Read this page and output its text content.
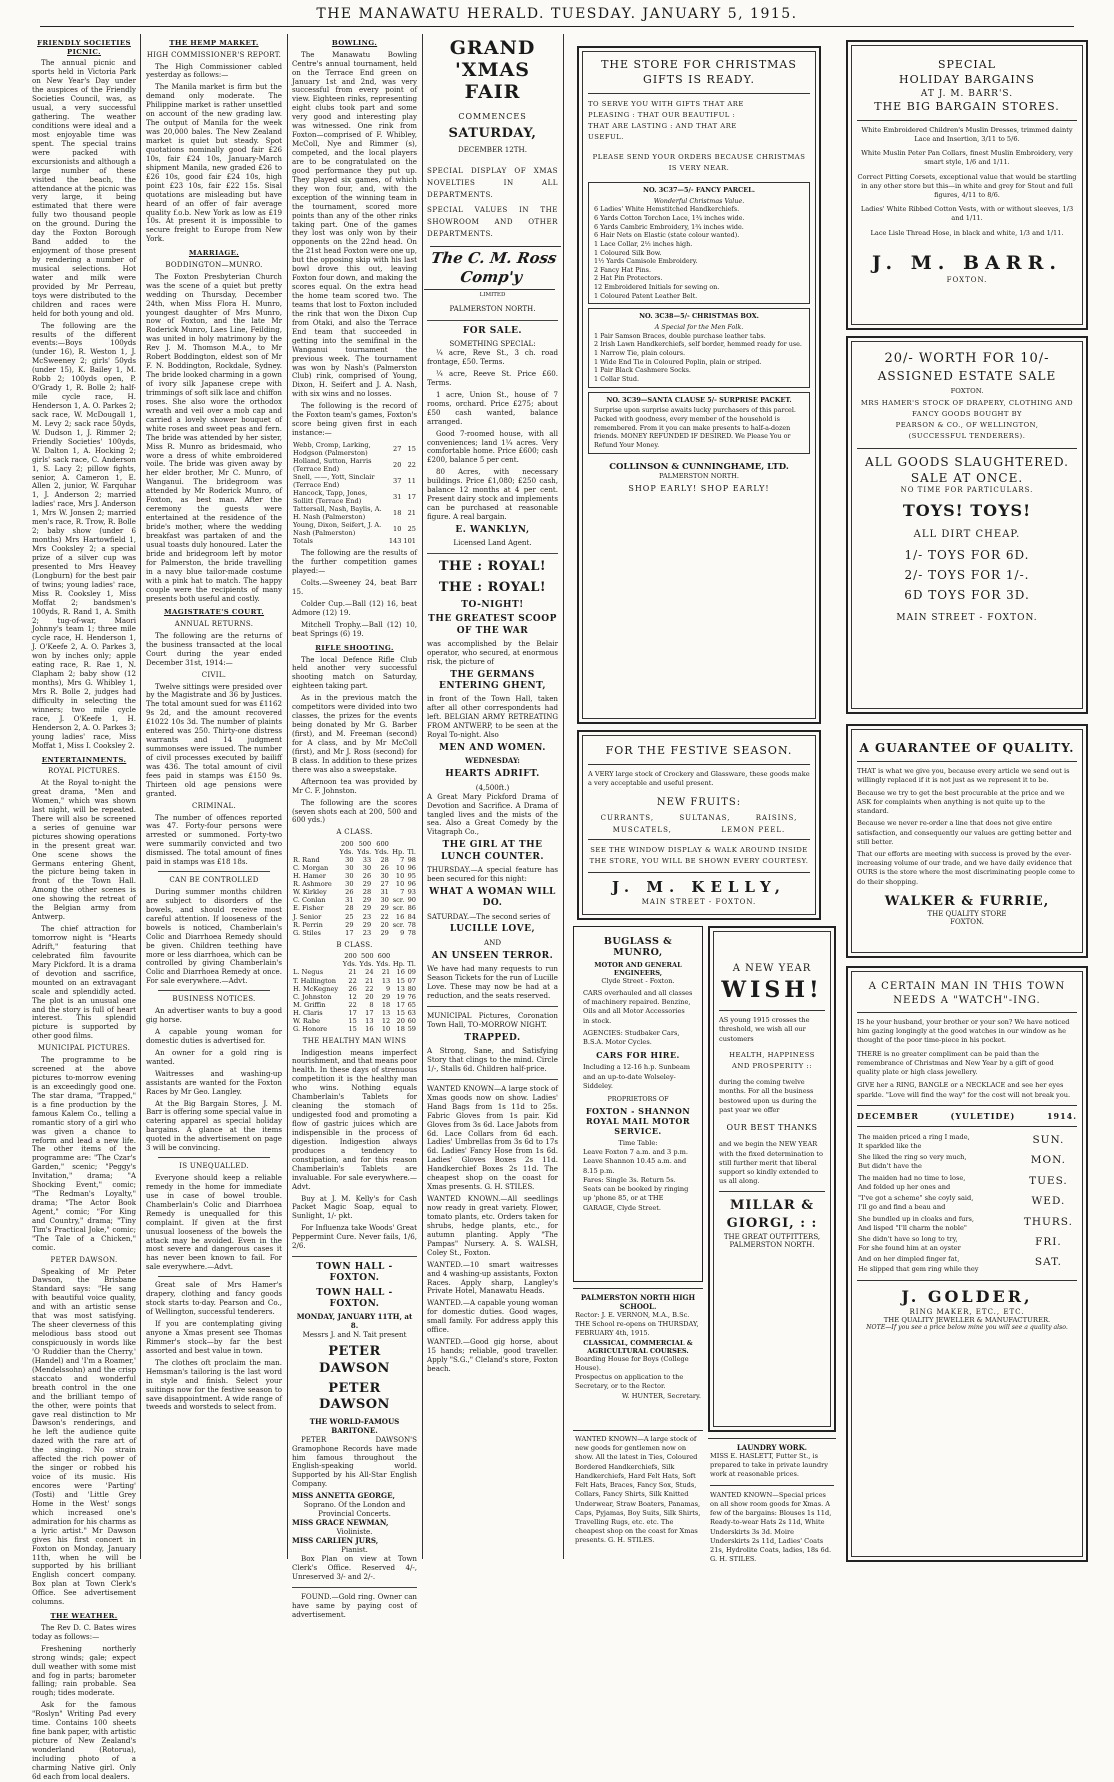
THE MANAWATU HERALD. TUESDAY. JANUARY 5, 1915.
FRIENDLY SOCIETIES PICNIC.

The annual picnic and sports held in Victoria Park on New Year's Day under the auspices of the Friendly Societies Council, was, as usual, a very successful gathering. The weather conditions were ideal and a most enjoyable time was spent. The special trains were packed with excursionists and although a large number of these visited the beach, the attendance at the picnic was very large, it being estimated that there were fully two thousand people on the ground. During the day the Foxton Borough Band added to the enjoyment of those present by rendering a number of musical selections. Hot water and milk were provided by Mr Perreau, toys were distributed to the children and races were held for both young and old.

The following are the results of the different events:—Boys 100yds (under 16), R. Weston 1, J. McSweeney 2; girls' 50yds (under 15), K. Bailey 1, M. Robb 2; 100yds open, P. O'Grady 1, R. Bolle 2; half-mile cycle race, H. Henderson 1, A. O. Parkes 2; sack race, W. McDougall 1, M. Levy 2; sack race 50yds, W. Dudson 1, J. Rimmer 2; Friendly Societies' 100yds, W. Dalton 1, A. Hocking 2; girls' sack race, C. Anderson 1, S. Lacy 2; pillow fights, senior, A. Cameron 1, E. Allen 2, junior, W. Farquhar 1, J. Anderson 2; married ladies' race, Mrs J. Anderson 1, Mrs W. Jonsen 2; married men's race, R. Trow, R. Bolle 2; baby show (under 6 months) Mrs Hartowfield 1, Mrs Cooksley 2; a special prize of a silver cup was presented to Mrs Heavey (Longburn) for the best pair of twins; young ladies' race, Miss R. Cooksley 1, Miss Moffat 2; bandsmen's 100yds, R. Rand 1, A. Smith 2; tug-of-war, Maori Johnny's team 1; three mile cycle race, H. Henderson 1, J. O'Keefe 2, A. O. Parkes 3, won by inches only; apple eating race, R. Rae 1, N. Clapham 2; baby show (12 months), Mrs G. Whibley 1, Mrs R. Bolle 2, judges had difficulty in selecting the winners; two mile cycle race, J. O'Keefe 1, H. Henderson 2, A. O. Parkes 3; young ladies' race, Miss Moffat 1, Miss I. Cooksley 2.

ENTERTAINMENTS.
ROYAL PICTURES.

At the Royal to-night the great drama, "Men and Women," which was shown last night, will be repeated. There will also be screened a series of genuine war pictures showing operations in the present great war. One scene shows the Germans entering Ghent, the picture being taken in front of the Town Hall. Among the other scenes is one showing the retreat of the Belgian army from Antwerp.

The chief attraction for tomorrow night is "Hearts Adrift," featuring that celebrated film favourite Mary Pickford. It is a drama of devotion and sacrifice, mounted on an extravagant scale and splendidly acted. The plot is an unusual one and the story is full of heart interest. This splendid picture is supported by other good films.

MUNICIPAL PICTURES.

The programme to be screened at the above pictures to-morrow evening is an exceedingly good one. The star drama, "Trapped," is a fine production by the famous Kalem Co., telling a romantic story of a girl who was given a chance to reform and lead a new life. The other items of the programme are: "The Czar's Garden," scenic; "Peggy's Invitation," drama; "A Shocking Event," comic; "The Redman's Loyalty," drama; "The Actor Book Agent," comic; "For King and Country," drama; "Tiny Tim's Practical Joke," comic; "The Tale of a Chicken," comic.

PETER DAWSON.

Speaking of Mr Peter Dawson, the Brisbane Standard says: "He sang with beautiful voice quality, and with an artistic sense that was most satisfying. The sheer cleverness of this melodious bass stood out conspicuously in words like 'O Ruddier than the Cherry,' (Handel) and 'I'm a Roamer,' (Mendelssohn) and the crisp staccato and wonderful breath control in the one and the brilliant tempo of the other, were points that gave real distinction to Mr Dawson's renderings, and he left the audience quite dazed with the rare art of the singing. No strain affected the rich power of the singer or robbed his voice of its music. His encores were 'Parting' (Tosti) and 'Little Grey Home in the West' songs which increased one's admiration for his charms as a lyric artist." Mr Dawson gives his first concert in Foxton on Monday, January 11th, when he will be supported by his brilliant English concert company. Box plan at Town Clerk's Office. See advertisement columns.

THE WEATHER.

The Rev D. C. Bates wires today as follows:—

Freshening northerly strong winds; gale; expect dull weather with some mist and fog in parts; barometer falling; rain probable. Sea rough; tides moderate.

Ask for the famous "Roslyn" Writing Pad every time. Contains 100 sheets fine bank paper, with artistic picture of New Zealand's wonderland (Rotorua), including photo of a charming Native girl. Only 6d each from local dealers.

THE HEMP MARKET.
HIGH COMMISSIONER'S REPORT.

The High Commissioner cabled yesterday as follows:—

The Manila market is firm but the demand only moderate. The Philippine market is rather unsettled on account of the new grading law. The output of Manila for the week was 20,000 bales. The New Zealand market is quiet but steady. Spot quotations nominally good fair £26 10s, fair £24 10s, January-March shipment Manila, new graded £26 to £26 10s, good fair £24 10s, high point £23 10s, fair £22 15s. Sisal quotations are misleading but have heard of an offer of fair average quality f.o.b. New York as low as £19 10s. At present it is impossible to secure freight to Europe from New York.

MARRIAGE.
BODDINGTON—MUNRO.

The Foxton Presbyterian Church was the scene of a quiet but pretty wedding on Thursday, December 24th, when Miss Flora H. Munro, youngest daughter of Mrs Munro, now of Foxton, and the late Mr Roderick Munro, Laes Line, Feilding, was united in holy matrimony by the Rev J. M. Thomson M.A., to Mr Robert Boddington, eldest son of Mr F. N. Boddington, Rockdale, Sydney. The bride looked charming in a gown of ivory silk Japanese crepe with trimmings of soft silk lace and chiffon roses. She also wore the orthodox wreath and veil over a mob cap and carried a lovely shower bouquet of white roses and sweet peas and fern. The bride was attended by her sister, Miss R. Munro as bridesmaid, who wore a dress of white embroidered voile. The bride was given away by her elder brother, Mr C. Munro, of Wanganui. The bridegroom was attended by Mr Roderick Munro, of Foxton, as best man. After the ceremony the guests were entertained at the residence of the bride's mother, where the wedding breakfast was partaken of and the usual toasts duly honoured. Later the bride and bridegroom left by motor for Palmerston, the bride travelling in a navy blue tailor-made costume with a pink hat to match. The happy couple were the recipients of many presents both useful and costly.

MAGISTRATE'S COURT.
ANNUAL RETURNS.

The following are the returns of the business transacted at the local Court during the year ended December 31st, 1914:—

CIVIL.

Twelve sittings were presided over by the Magistrate and 36 by Justices. The total amount sued for was £1162 9s 2d, and the amount recovered £1022 10s 3d. The number of plaints entered was 250. Thirty-one distress warrants and 14 judgment summonses were issued. The number of civil processes executed by bailiff was 436. The total amount of civil fees paid in stamps was £150 9s. Thirteen old age pensions were granted.

CRIMINAL.

The number of offences reported was 47. Forty-four persons were arrested or summoned. Forty-two were summarily convicted and two dismissed. The total amount of fines paid in stamps was £18 18s.

CAN BE CONTROLLED

During summer months children are subject to disorders of the bowels, and should receive most careful attention. If looseness of the bowels is noticed, Chamberlain's Colic and Diarrhoea Remedy should be given. Children teething have more or less diarrhoea, which can be controlled by giving Chamberlain's Colic and Diarrhoea Remedy at once. For sale everywhere.—Advt.

BUSINESS NOTICES.

An advertiser wants to buy a good gig horse.

A capable young woman for domestic duties is advertised for.

An owner for a gold ring is wanted.

Waitresses and washing-up assistants are wanted for the Foxton Races by Mr Geo. Langley.

At the Big Bargain Stores, J. M. Barr is offering some special value in catering apparel as special holiday bargains. A glance at the items quoted in the advertisement on page 3 will be convincing.

IS UNEQUALLED.

Everyone should keep a reliable remedy in the home for immediate use in case of bowel trouble. Chamberlain's Colic and Diarrhoea Remedy is unequalled for this complaint. If given at the first unusual looseness of the bowels the attack may be avoided. Even in the most severe and dangerous cases it has never been known to fail. For sale everywhere.—Advt.

Great sale of Mrs Hamer's drapery, clothing and fancy goods stock starts to-day. Pearson and Co., of Wellington, successful tenderers.

If you are contemplating giving anyone a Xmas present see Thomas Rimmer's stock—by far the best assorted and best value in town.

The clothes oft proclaim the man. Hemsman's tailoring is the last word in style and finish. Select your suitings now for the festive season to save disappointment. A wide range of tweeds and worsteds to select from.

BOWLING.

The Manawatu Bowling Centre's annual tournament, held on the Terrace End green on January 1st and 2nd, was very successful from every point of view. Eighteen rinks, representing eight clubs took part and some very good and interesting play was witnessed. One rink from Foxton—comprised of F. Whibley, McColl, Nye and Rimmer (s), competed, and the local players are to be congratulated on the good performance they put up. They played six games, of which they won four, and, with the exception of the winning team in the tournament, scored more points than any of the other rinks taking part. One of the games they lost was only won by their opponents on the 22nd head. On the 21st head Foxton were one up, but the opposing skip with his last bowl drove this out, leaving Foxton four down, and making the scores equal. On the extra head the home team scored two. The teams that lost to Foxton included the rink that won the Dixon Cup from Otaki, and also the Terrace End team that succeeded in getting into the semifinal in the Wanganui tournament the previous week. The tournament was won by Nash's (Palmerston Club) rink, comprised of Young, Dixon, H. Seifert and J. A. Nash, with six wins and no losses.

The following is the record of the Foxton team's games, Foxton's score being given first in each instance:—

Webb, Cromp, Larking, Hodgson (Palmerston)	27	15
Holland, Sutton, Harris (Terrace End)	20	22
Snell, ——, Yott, Sinclair (Terrace End)	37	11
Hancock, Tapp, Jones, Sollitt (Terrace End)	31	17
Tattersall, Nash, Baylis, A. H. Nash (Palmerston)	18	21
Young, Dixon, Seifert, J. A. Nash (Palmerston)	10	25
Totals	143	101

The following are the results of the further competition games played:—

Colts.—Sweeney 24, beat Barr 15.

Colder Cup.—Ball (12) 16, beat Admore (12) 19.

Mitchell Trophy.—Ball (12) 10, beat Springs (6) 19.

RIFLE SHOOTING.

The local Defence Rifle Club held another very successful shooting match on Saturday, eighteen taking part.

As in the previous match the competitors were divided into two classes, the prizes for the events being donated by Mr G. Barber (first), and M. Freeman (second) for A class, and by Mr McColl (first), and Mr J. Ross (second) for B class. In addition to these prizes there was also a sweepstake.

Afternoon tea was provided by Mr C. F. Johnston.

The following are the scores (seven shots each at 200, 500 and 600 yds.)

A CLASS.
	200	500	600		
	Yds.	Yds.	Yds.	Hp.	Tl.
R. Rand	30	33	28	7	98
C. Morgan	30	30	26	10	96
H. Hamer	30	26	30	10	95
R. Ashmore	30	29	27	10	96
W. Kirkley	26	28	31	7	93
C. Conlan	31	29	30	scr.	90
E. Fisher	28	29	29	scr.	86
J. Senior	25	23	22	16	84
R. Perrin	29	29	20	scr.	78
G. Stiles	17	23	29	9	78
B CLASS.
	200	500	600		
	Yds.	Yds.	Yds.	Hp.	Tl.
L. Negus	21	24	21	16	09
T. Hallington	22	21	13	15	07
H. McKegney	26	22	9	13	80
C. Johnston	12	20	29	19	76
M. Griffin	22	8	18	17	65
H. Claris	17	17	13	15	63
W. Rabe	15	13	12	20	60
G. Honore	15	16	10	18	59
THE HEALTHY MAN WINS

Indigestion means imperfect nourishment, and that means poor health. In these days of strenuous competition it is the healthy man who wins. Nothing equals Chamberlain's Tablets for cleaning the stomach of undigested food and promoting a flow of gastric juices which are indispensible in the process of digestion. Indigestion always produces a tendency to constipation, and for this reason Chamberlain's Tablets are invaluable. For sale everywhere.—Advt.

Buy at J. M. Kelly's for Cash Packet Magic Soap, equal to Sunlight, 1/- pkt.

For Influenza take Woods' Great Peppermint Cure. Never fails, 1/6, 2/6.

TOWN HALL - FOXTON.
TOWN HALL - FOXTON.
MONDAY, JANUARY 11TH, at 8.
Messrs J. and N. Tait present
PETER DAWSON
PETER DAWSON
THE WORLD-FAMOUS BARITONE.

PETER DAWSON'S Gramophone Records have made him famous throughout the English-speaking world. Supported by his All-Star English Company.

MISS ANNETTA GEORGE,
Soprano. Of the London and Provincial Concerts.
MISS GRACE NEWMAN,
Violiniste.
MISS CARLIEN JURS,
Pianist.

Box Plan on view at Town Clerk's Office. Reserved 4/-, Unreserved 3/- and 2/-.

FOUND.—Gold ring. Owner can have same by paying cost of advertisement.

GRAND 'XMAS FAIR
COMMENCES
SATURDAY,
DECEMBER 12TH.

SPECIAL DISPLAY OF XMAS NOVELTIES IN ALL DEPARTMENTS.

SPECIAL VALUES IN THE SHOWROOM AND OTHER DEPARTMENTS.

The C. M. Ross Comp'y
LIMITED
PALMERSTON NORTH.
FOR SALE.
SOMETHING SPECIAL:

¼ acre, Reve St., 3 ch. road frontage, £50. Terms.

¼ acre, Reeve St. Price £60. Terms.

1 acre, Union St., house of 7 rooms, orchard. Price £275; about £50 cash wanted, balance arranged.

Good 7-roomed house, with all conveniences; land 1¼ acres. Very comfortable home. Price £600; cash £200, balance 5 per cent.

80 Acres, with necessary buildings. Price £1,080; £250 cash, balance 12 months at 4 per cent. Present dairy stock and implements can be purchased at reasonable figure. A real bargain.

E. WANKLYN,
Licensed Land Agent.
THE : ROYAL!
THE : ROYAL!
TO-NIGHT!
THE GREATEST SCOOP OF THE WAR

was accomplished by the Belair operator, who secured, at enormous risk, the picture of

THE GERMANS ENTERING GHENT,

in front of the Town Hall, taken after all other correspondents had left. BELGIAN ARMY RETREATING FROM ANTWERP, to be seen at the Royal To-night. Also

MEN AND WOMEN.
WEDNESDAY:
HEARTS ADRIFT.
(4,500ft.)

A Great Mary Pickford Drama of Devotion and Sacrifice. A Drama of tangled lives and the mists of the sea. Also a Great Comedy by the Vitagraph Co.,

THE GIRL AT THE LUNCH COUNTER.

THURSDAY.—A special feature has been secured for this night:

WHAT A WOMAN WILL DO.

SATURDAY.—The second series of

LUCILLE LOVE,
AND
AN UNSEEN TERROR.

We have had many requests to run Season Tickets for the run of Lucille Love. These may now be had at a reduction, and the seats reserved.

MUNICIPAL Pictures, Coronation Town Hall, TO-MORROW NIGHT.

TRAPPED.

A Strong, Sane, and Satisfying Story that clings to the mind. Circle 1/-, Stalls 6d. Children half-price.

WANTED KNOWN—A large stock of Xmas goods now on show. Ladies' Hand Bags from 1s 11d to 25s. Fabric Gloves from 1s pair. Kid Gloves from 3s 6d. Lace Jabots from 6d. Lace Collars from 6d each. Ladies' Umbrellas from 3s 6d to 17s 6d. Ladies' Fancy Hose from 1s 6d. Ladies' Gloves Boxes 2s 11d. Handkerchief Boxes 2s 11d. The cheapest shop on the coast for Xmas presents. G. H. STILES.

WANTED KNOWN.—All seedlings now ready in great variety. Flower, tomato plants, etc. Orders taken for shrubs, hedge plants, etc., for autumn planting. Apply "The Pampas" Nursery. A. S. WALSH, Coley St., Foxton.

WANTED.—10 smart waitresses and 4 washing-up assistants, Foxton Races. Apply sharp, Langley's Private Hotel, Manawatu Heads.

WANTED.—A capable young woman for domestic duties. Good wages, small family. For address apply this office.

WANTED.—Good gig horse, about 15 hands; reliable, good traveller. Apply "S.G.," Cleland's store, Foxton beach.

THE STORE FOR CHRISTMAS GIFTS IS READY.
TO SERVE YOU WITH GIFTS THAT ARE
PLEASING : THAT OUR BEAUTIFUL :
THAT ARE LASTING : AND THAT ARE
USEFUL.
PLEASE SEND YOUR ORDERS BECAUSE CHRISTMAS IS VERY NEAR.
NO. 3C37—5/- FANCY PARCEL.
Wonderful Christmas Value.
6 Ladies' White Hemstitched Handkerchiefs.
6 Yards Cotton Torchon Lace, 1¾ inches wide.
6 Yards Cambric Embroidery, 1¾ inches wide.
6 Hair Nets on Elastic (state colour wanted).
1 Lace Collar, 2½ inches high.
1 Coloured Silk Bow.
1½ Yards Camisole Embroidery.
2 Fancy Hat Pins.
2 Hat Pin Protectors.
12 Embroidered Initials for sewing on.
1 Coloured Patent Leather Belt.
NO. 3C38—5/- CHRISTMAS BOX.
A Special for the Men Folk.
1 Pair Samson Braces, double purchase leather tabs.
2 Irish Lawn Handkerchiefs, self border, hemmed ready for use.
1 Narrow Tie, plain colours.
1 Wide End Tie in Coloured Poplin, plain or striped.
1 Pair Black Cashmere Socks.
1 Collar Stud.
NO. 3C39—SANTA CLAUSE 5/- SURPRISE PACKET.
Surprise upon surprise awaits lucky purchasers of this parcel. Packed with goodness, every member of the household is remembered. From it you can make presents to half-a-dozen friends. MONEY REFUNDED IF DESIRED. We Please You or Refund Your Money.
COLLINSON & CUNNINGHAME, LTD.
PALMERSTON NORTH.
SHOP EARLY! SHOP EARLY!
SPECIAL
HOLIDAY BARGAINS
AT J. M. BARR'S.
THE BIG BARGAIN STORES.
White Embroidered Children's Muslin Dresses, trimmed dainty Lace and Insertion, 3/11 to 5/6.
White Muslin Peter Pan Collars, finest Muslin Embroidery, very smart style, 1/6 and 1/11.
Correct Pitting Corsets, exceptional value that would be startling in any other store but this—in white and grey for Stout and full figures, 4/11 to 8/6.
Ladies' White Ribbed Cotton Vests, with or without sleeves, 1/3 and 1/11.
Lace Lisle Thread Hose, in black and white, 1/3 and 1/11.
J. M. BARR.
FOXTON.
20/- WORTH FOR 10/-
ASSIGNED ESTATE SALE
FOXTON.
MRS HAMER'S STOCK OF DRAPERY, CLOTHING AND FANCY GOODS BOUGHT BY
PEARSON & CO., OF WELLINGTON,
(SUCCESSFUL TENDERERS).
ALL GOODS SLAUGHTERED.
SALE AT ONCE.
NO TIME FOR PARTICULARS.
TOYS! TOYS!
ALL DIRT CHEAP.
1/- TOYS FOR 6D.
2/- TOYS FOR 1/-.
6D TOYS FOR 3D.
MAIN STREET - FOXTON.
FOR THE FESTIVE SEASON.
A VERY large stock of Crockery and Glassware, these goods make a very acceptable and useful present.
NEW FRUITS:
CURRANTS,	SULTANAS,	RAISINS,
MUSCATELS,	LEMON PEEL.
SEE THE WINDOW DISPLAY & WALK AROUND INSIDE THE STORE, YOU WILL BE SHOWN EVERY COURTESY.
J. M. KELLY,
MAIN STREET - FOXTON.
A GUARANTEE OF QUALITY.
THAT is what we give you, because every article we send out is willingly replaced if it is not just as we represent it to be.
Because we try to get the best procurable at the price and we ASK for complaints when anything is not quite up to the standard.
Because we never re-order a line that does not give entire satisfaction, and consequently our values are getting better and still better.
That our efforts are meeting with success is proved by the ever-increasing volume of our trade, and we have daily evidence that OURS is the store where the most discriminating people come to do their shopping.
WALKER & FURRIE,
THE QUALITY STORE
FOXTON.
BUGLASS & MUNRO,
MOTOR AND GENERAL ENGINEERS,
Clyde Street - Foxton.
CARS overhauled and all classes of machinery repaired. Benzine, Oils and all Motor Accessories in stock.
AGENCIES: Studbaker Cars, B.S.A. Motor Cycles.
CARS FOR HIRE.
Including a 12-16 h.p. Sunbeam and an up-to-date Wolseley-Siddeley.
PROPRIETORS OF
FOXTON - SHANNON ROYAL MAIL MOTOR SERVICE.
Time Table:
Leave Foxton 7 a.m. and 3 p.m.
Leave Shannon 10.45 a.m. and 8.15 p.m.
Fares: Single 3s. Return 5s.
Seats can be booked by ringing up 'phone 85, or at THE GARAGE, Clyde Street.
PALMERSTON NORTH HIGH SCHOOL.
Rector: J. E. VERNON, M.A., B.Sc.
THE School re-opens on THURSDAY, FEBRUARY 4th, 1915.
CLASSICAL, COMMERCIAL & AGRICULTURAL COURSES.
Boarding House for Boys (College House).
Prospectus on application to the Secretary, or to the Rector.
W. HUNTER, Secretary.
WANTED KNOWN—A large stock of new goods for gentlemen now on show. All the latest in Ties, Coloured Bordered Handkerchiefs, Silk Handkerchiefs, Hard Felt Hats, Soft Felt Hats, Braces, Fancy Sox, Studs, Collars, Fancy Shirts, Silk Knitted Underwear, Straw Boaters, Panamas, Caps, Pyjamas, Boy Suits, Silk Shirts, Travelling Rugs, etc. etc. The cheapest shop on the coast for Xmas presents. G. H. STILES.
LAUNDRY WORK.
MISS E. HASLETT, Futter St., is prepared to take in private laundry work at reasonable prices.
WANTED KNOWN—Special prices on all show room goods for Xmas. A few of the bargains: Blouses 1s 11d, Ready-to-wear Hats 2s 11d, White Underskirts 3s 3d. Moire Underskirts 2s 11d, Ladies' Coats 21s, Hydrolite Coats, ladies, 18s 6d. G. H. STILES.
A NEW YEAR
WISH!
AS young 1915 crosses the threshold, we wish all our customers
HEALTH, HAPPINESS AND PROSPERITY ::
during the coming twelve months. For all the business bestowed upon us during the past year we offer
OUR BEST THANKS
and we begin the NEW YEAR with the fixed determination to still further merit that liberal support so kindly extended to us all along.
MILLAR & GIORGI, : :
THE GREAT OUTFITTERS,
PALMERSTON NORTH.
A CERTAIN MAN IN THIS TOWN NEEDS A "WATCH"-ING.
IS he your husband, your brother or your son? We have noticed him gazing longingly at the good watches in our window as he thought of the poor time-piece in his pocket.
THERE is no greater compliment can be paid than the remembrance of Christmas and New Year by a gift of good quality plate or high class jewellery.
GIVE her a RING, BANGLE or a NECKLACE and see her eyes sparkle. "Love will find the way" for the cost will not break you.
DECEMBER	(YULETIDE)	1914.
The maiden priced a ring I made,
It sparkled like the	SUN.

She liked the ring so very much,
But didn't have the	MON.

The maiden had no time to lose,
And folded up her ones and	TUES.

"I've got a scheme" she coyly said,
I'll go and find a beau and	WED.

She bundled up in cloaks and furs,
And lisped "I'll charm the noble"	THURS.

She didn't have so long to try,
For she found him at an oyster	FRI.

And on her dimpled finger fat,
He slipped that gem ring while they	SAT.
J. GOLDER,
RING MAKER, ETC., ETC.
THE QUALITY JEWELLER & MANUFACTURER.
NOTE—If you see a price below mine you will see a quality also.
